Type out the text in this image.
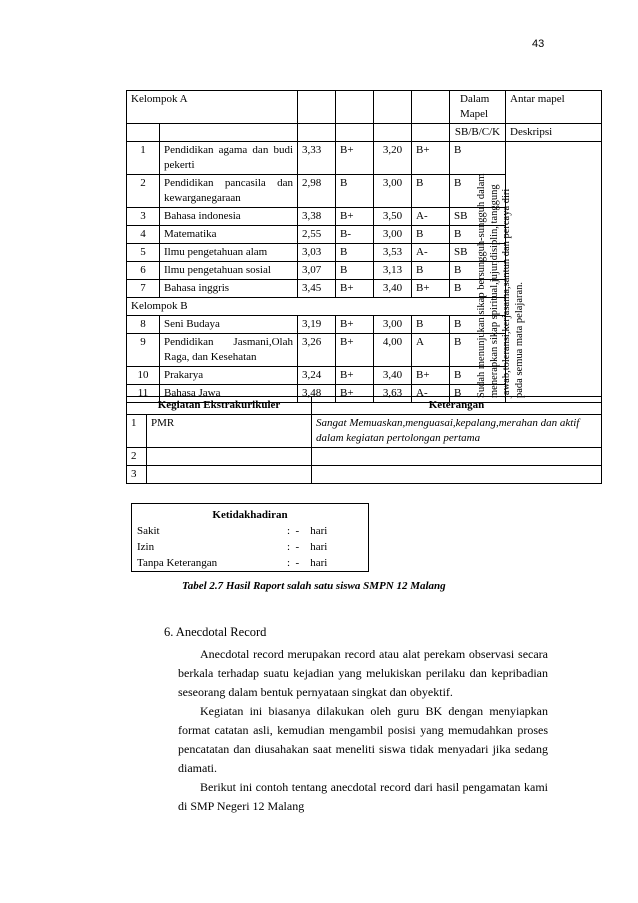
43
Kelompok A						Dalam Mapel	Antar mapel
						SB/B/C/K	Deskripsi
1	Pendidikan agama dan budi pekerti	3,33	B+	3,20	B+	B	Sudah menunjukan sikap bersungguh-sungguh dalam menerapkan sikap spiritual,jujur,disiplin, tanggung jawab,toleransi,kerjasama,santun dan percaya diri pada semua mata pelajaran.

2	Pendidikan pancasila dan kewarganegaraan	2,98	B	3,00	B	B	
3	Bahasa indonesia	3,38	B+	3,50	A-	SB	
4	Matematika	2,55	B-	3,00	B	B	
5	Ilmu pengetahuan alam	3,03	B	3,53	A-	SB	
6	Ilmu pengetahuan sosial	3,07	B	3,13	B	B	
7	Bahasa inggris	3,45	B+	3,40	B+	B	
Kelompok B							
8	Seni Budaya	3,19	B+	3,00	B	B	
9	Pendidikan Jasmani,Olah Raga, dan Kesehatan	3,26	B+	4,00	A	B	
10	Prakarya	3,24	B+	3,40	B+	B	
11	Bahasa Jawa	3,48	B+	3,63	A-	B	
Kegiatan Ekstrakurikuler		Keterangan
1	PMR	Sangat Memuaskan,menguasai,kepalang,merahan dan aktif dalam kegiatan pertolongan pertama
2		
3		
Ketidakhadiran	
Sakit	:  -    hari
Izin	:  -    hari
Tanpa Keterangan	:  -    hari
Tabel 2.7 Hasil Raport salah satu siswa SMPN 12 Malang
6. Anecdotal Record

Anecdotal record merupakan record atau alat perekam observasi secara berkala terhadap suatu kejadian yang melukiskan perilaku dan kepribadian seseorang dalam bentuk pernyataan singkat dan obyektif.

Kegiatan ini biasanya dilakukan oleh guru BK dengan menyiapkan format catatan asli, kemudian mengambil posisi yang memudahkan proses pencatatan dan diusahakan saat meneliti siswa tidak menyadari jika sedang diamati.

Berikut ini contoh tentang anecdotal record dari hasil pengamatan kami di SMP Negeri 12 Malang
